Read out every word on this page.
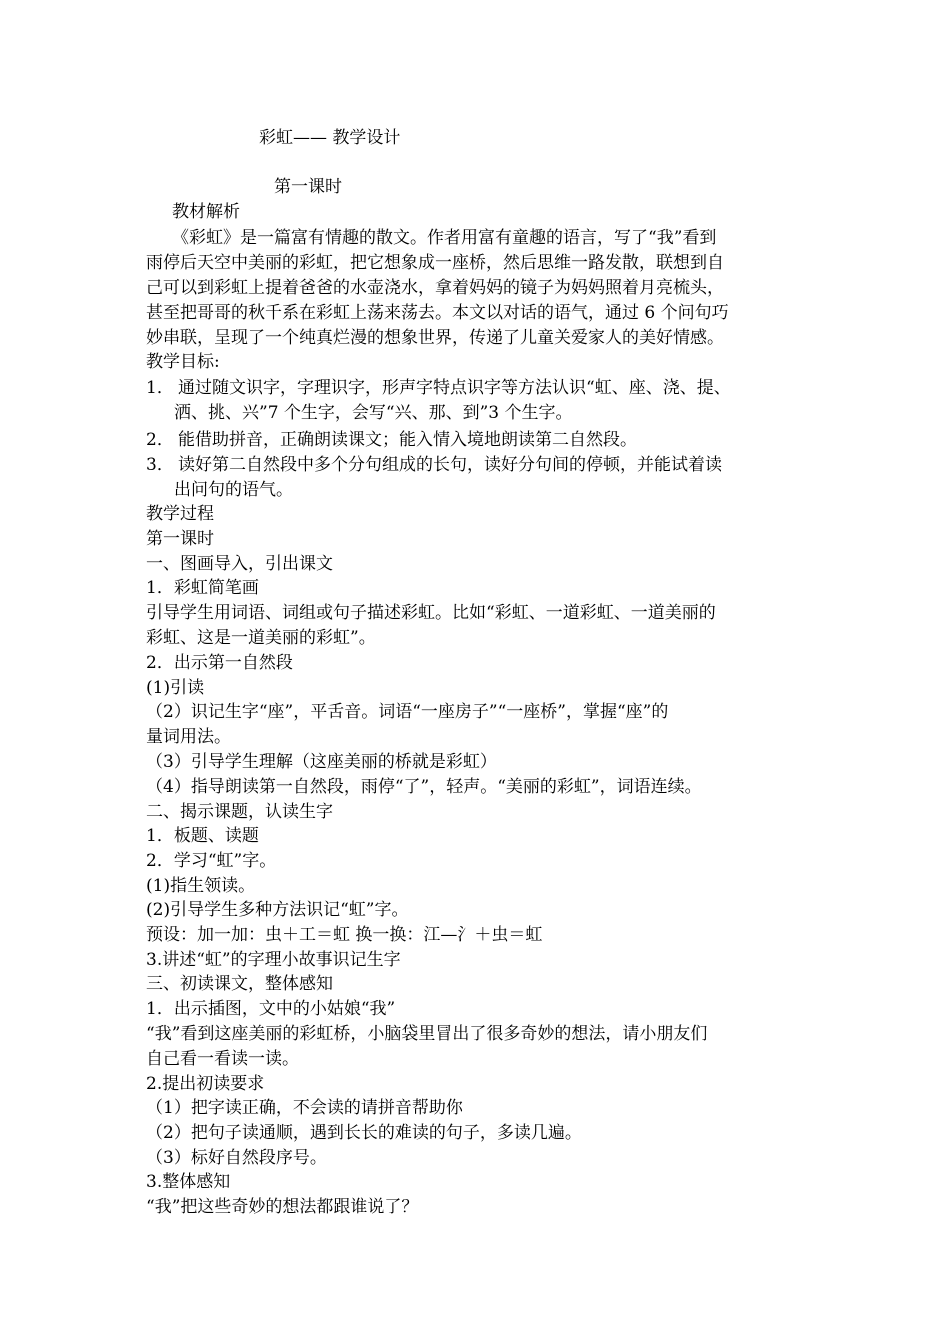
彩虹—— 教学设计
第一课时
教材解析
《彩虹》是一篇富有情趣的散文。作者用富有童趣的语言，写了“我”看到
雨停后天空中美丽的彩虹，把它想象成一座桥，然后思维一路发散，联想到自
己可以到彩虹上提着爸爸的水壶浇水，拿着妈妈的镜子为妈妈照着月亮梳头，
甚至把哥哥的秋千系在彩虹上荡来荡去。本文以对话的语气，通过 6 个问句巧
妙串联，呈现了一个纯真烂漫的想象世界，传递了儿童关爱家人的美好情感。
教学目标:
1． 通过随文识字，字理识字，形声字特点识字等方法认识“虹、座、浇、提、
洒、挑、兴”7 个生字，会写“兴、那、到”3 个生字。
2． 能借助拼音，正确朗读课文；能入情入境地朗读第二自然段。
3． 读好第二自然段中多个分句组成的长句，读好分句间的停顿，并能试着读
出问句的语气。
教学过程
第一课时
一、图画导入，引出课文
1．彩虹简笔画
引导学生用词语、词组或句子描述彩虹。比如“彩虹、一道彩虹、一道美丽的
彩虹、这是一道美丽的彩虹”。
2．出示第一自然段
(1)引读
（2）识记生字“座”，平舌音。词语“一座房子”“一座桥”，掌握“座”的
量词用法。
（3）引导学生理解（这座美丽的桥就是彩虹）
（4）指导朗读第一自然段，雨停“了”，轻声。“美丽的彩虹”，词语连续。
二、揭示课题，认读生字
1．板题、读题
2．学习“虹”字。
(1)指生领读。
(2)引导学生多种方法识记“虹”字。
预设：加一加：虫＋工＝虹 换一换：江—氵＋虫＝虹
3.讲述“虹”的字理小故事识记生字
三、初读课文，整体感知
1．出示插图，文中的小姑娘“我”
“我”看到这座美丽的彩虹桥，小脑袋里冒出了很多奇妙的想法，请小朋友们
自己看一看读一读。
2.提出初读要求
（1）把字读正确，不会读的请拼音帮助你
（2）把句子读通顺，遇到长长的难读的句子，多读几遍。
（3）标好自然段序号。
3.整体感知
“我”把这些奇妙的想法都跟谁说了？
